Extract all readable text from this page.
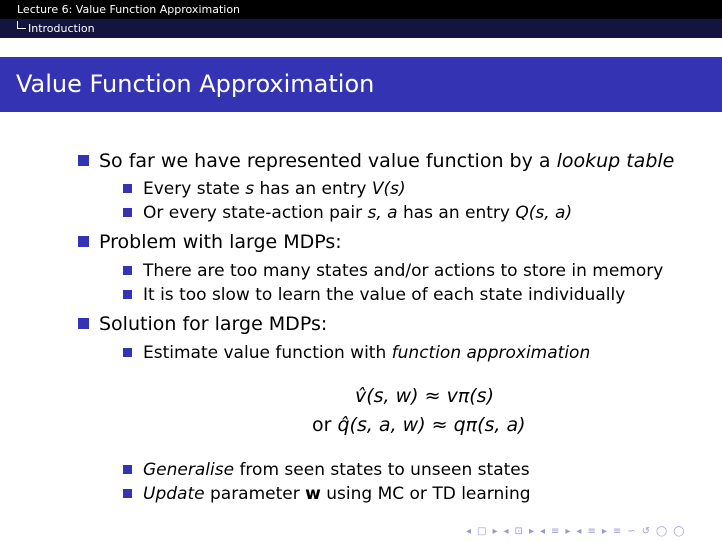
Lecture 6: Value Function Approximation
Introduction
Value Function Approximation
So far we have represented value function by a lookup table
Every state s has an entry V(s)
Or every state-action pair s, a has an entry Q(s, a)
Problem with large MDPs:
There are too many states and/or actions to store in memory
It is too slow to learn the value of each state individually
Solution for large MDPs:
Estimate value function with function approximation
v̂(s, w) ≈ vπ(s)
or q̂(s, a, w) ≈ qπ(s, a)
Generalise from seen states to unseen states
Update parameter w using MC or TD learning
◂ □ ▸ ◂ ⊡ ▸ ◂ ≡ ▸ ◂ ≡ ▸ ≡ ∽ ↺ ◯ ◯
